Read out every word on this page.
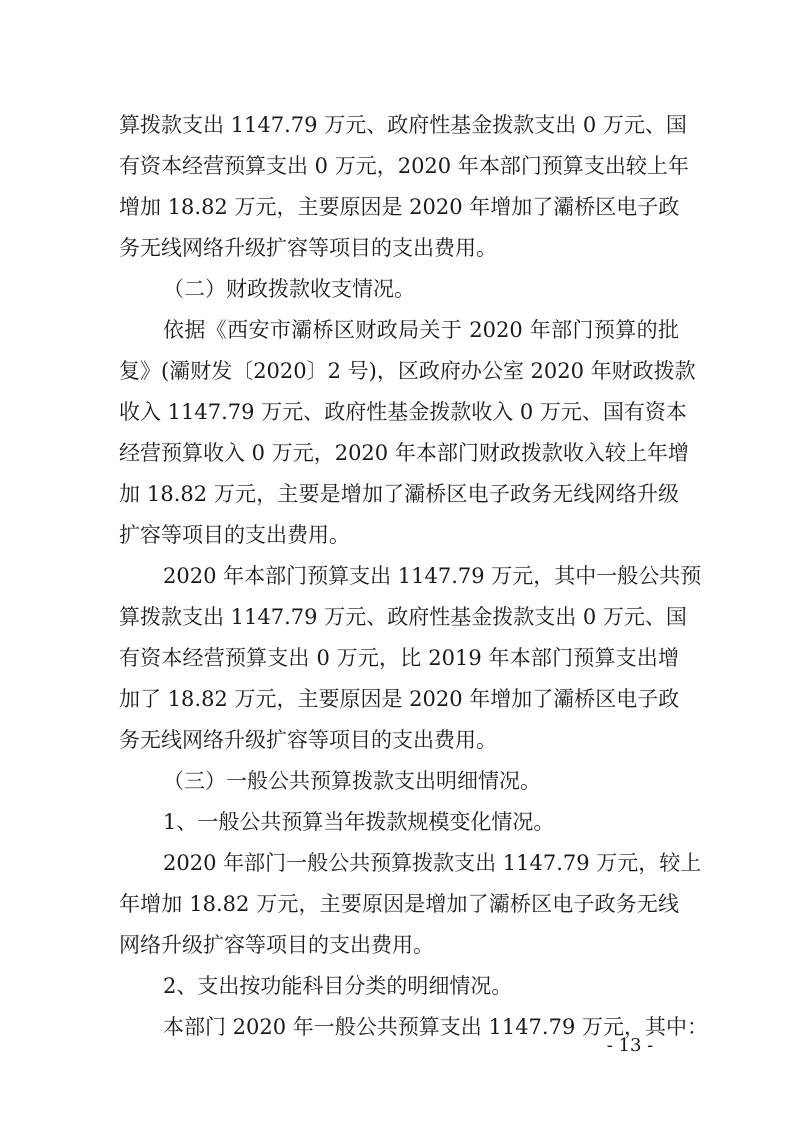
算拨款支出 1147.79 万元、政府性基金拨款支出 0 万元、国
有资本经营预算支出 0 万元，2020 年本部门预算支出较上年
增加 18.82 万元，主要原因是 2020 年增加了灞桥区电子政
务无线网络升级扩容等项目的支出费用。
（二）财政拨款收支情况。
依据《西安市灞桥区财政局关于 2020 年部门预算的批
复》(灞财发〔2020〕2 号)，区政府办公室 2020 年财政拨款
收入 1147.79 万元、政府性基金拨款收入 0 万元、国有资本
经营预算收入 0 万元，2020 年本部门财政拨款收入较上年增
加 18.82 万元，主要是增加了灞桥区电子政务无线网络升级
扩容等项目的支出费用。
2020 年本部门预算支出 1147.79 万元，其中一般公共预
算拨款支出 1147.79 万元、政府性基金拨款支出 0 万元、国
有资本经营预算支出 0 万元，比 2019 年本部门预算支出增
加了 18.82 万元，主要原因是 2020 年增加了灞桥区电子政
务无线网络升级扩容等项目的支出费用。
（三）一般公共预算拨款支出明细情况。
1、一般公共预算当年拨款规模变化情况。
2020 年部门一般公共预算拨款支出 1147.79 万元，较上
年增加 18.82 万元，主要原因是增加了灞桥区电子政务无线
网络升级扩容等项目的支出费用。
2、支出按功能科目分类的明细情况。
本部门 2020 年一般公共预算支出 1147.79 万元，其中：
- 13 -
